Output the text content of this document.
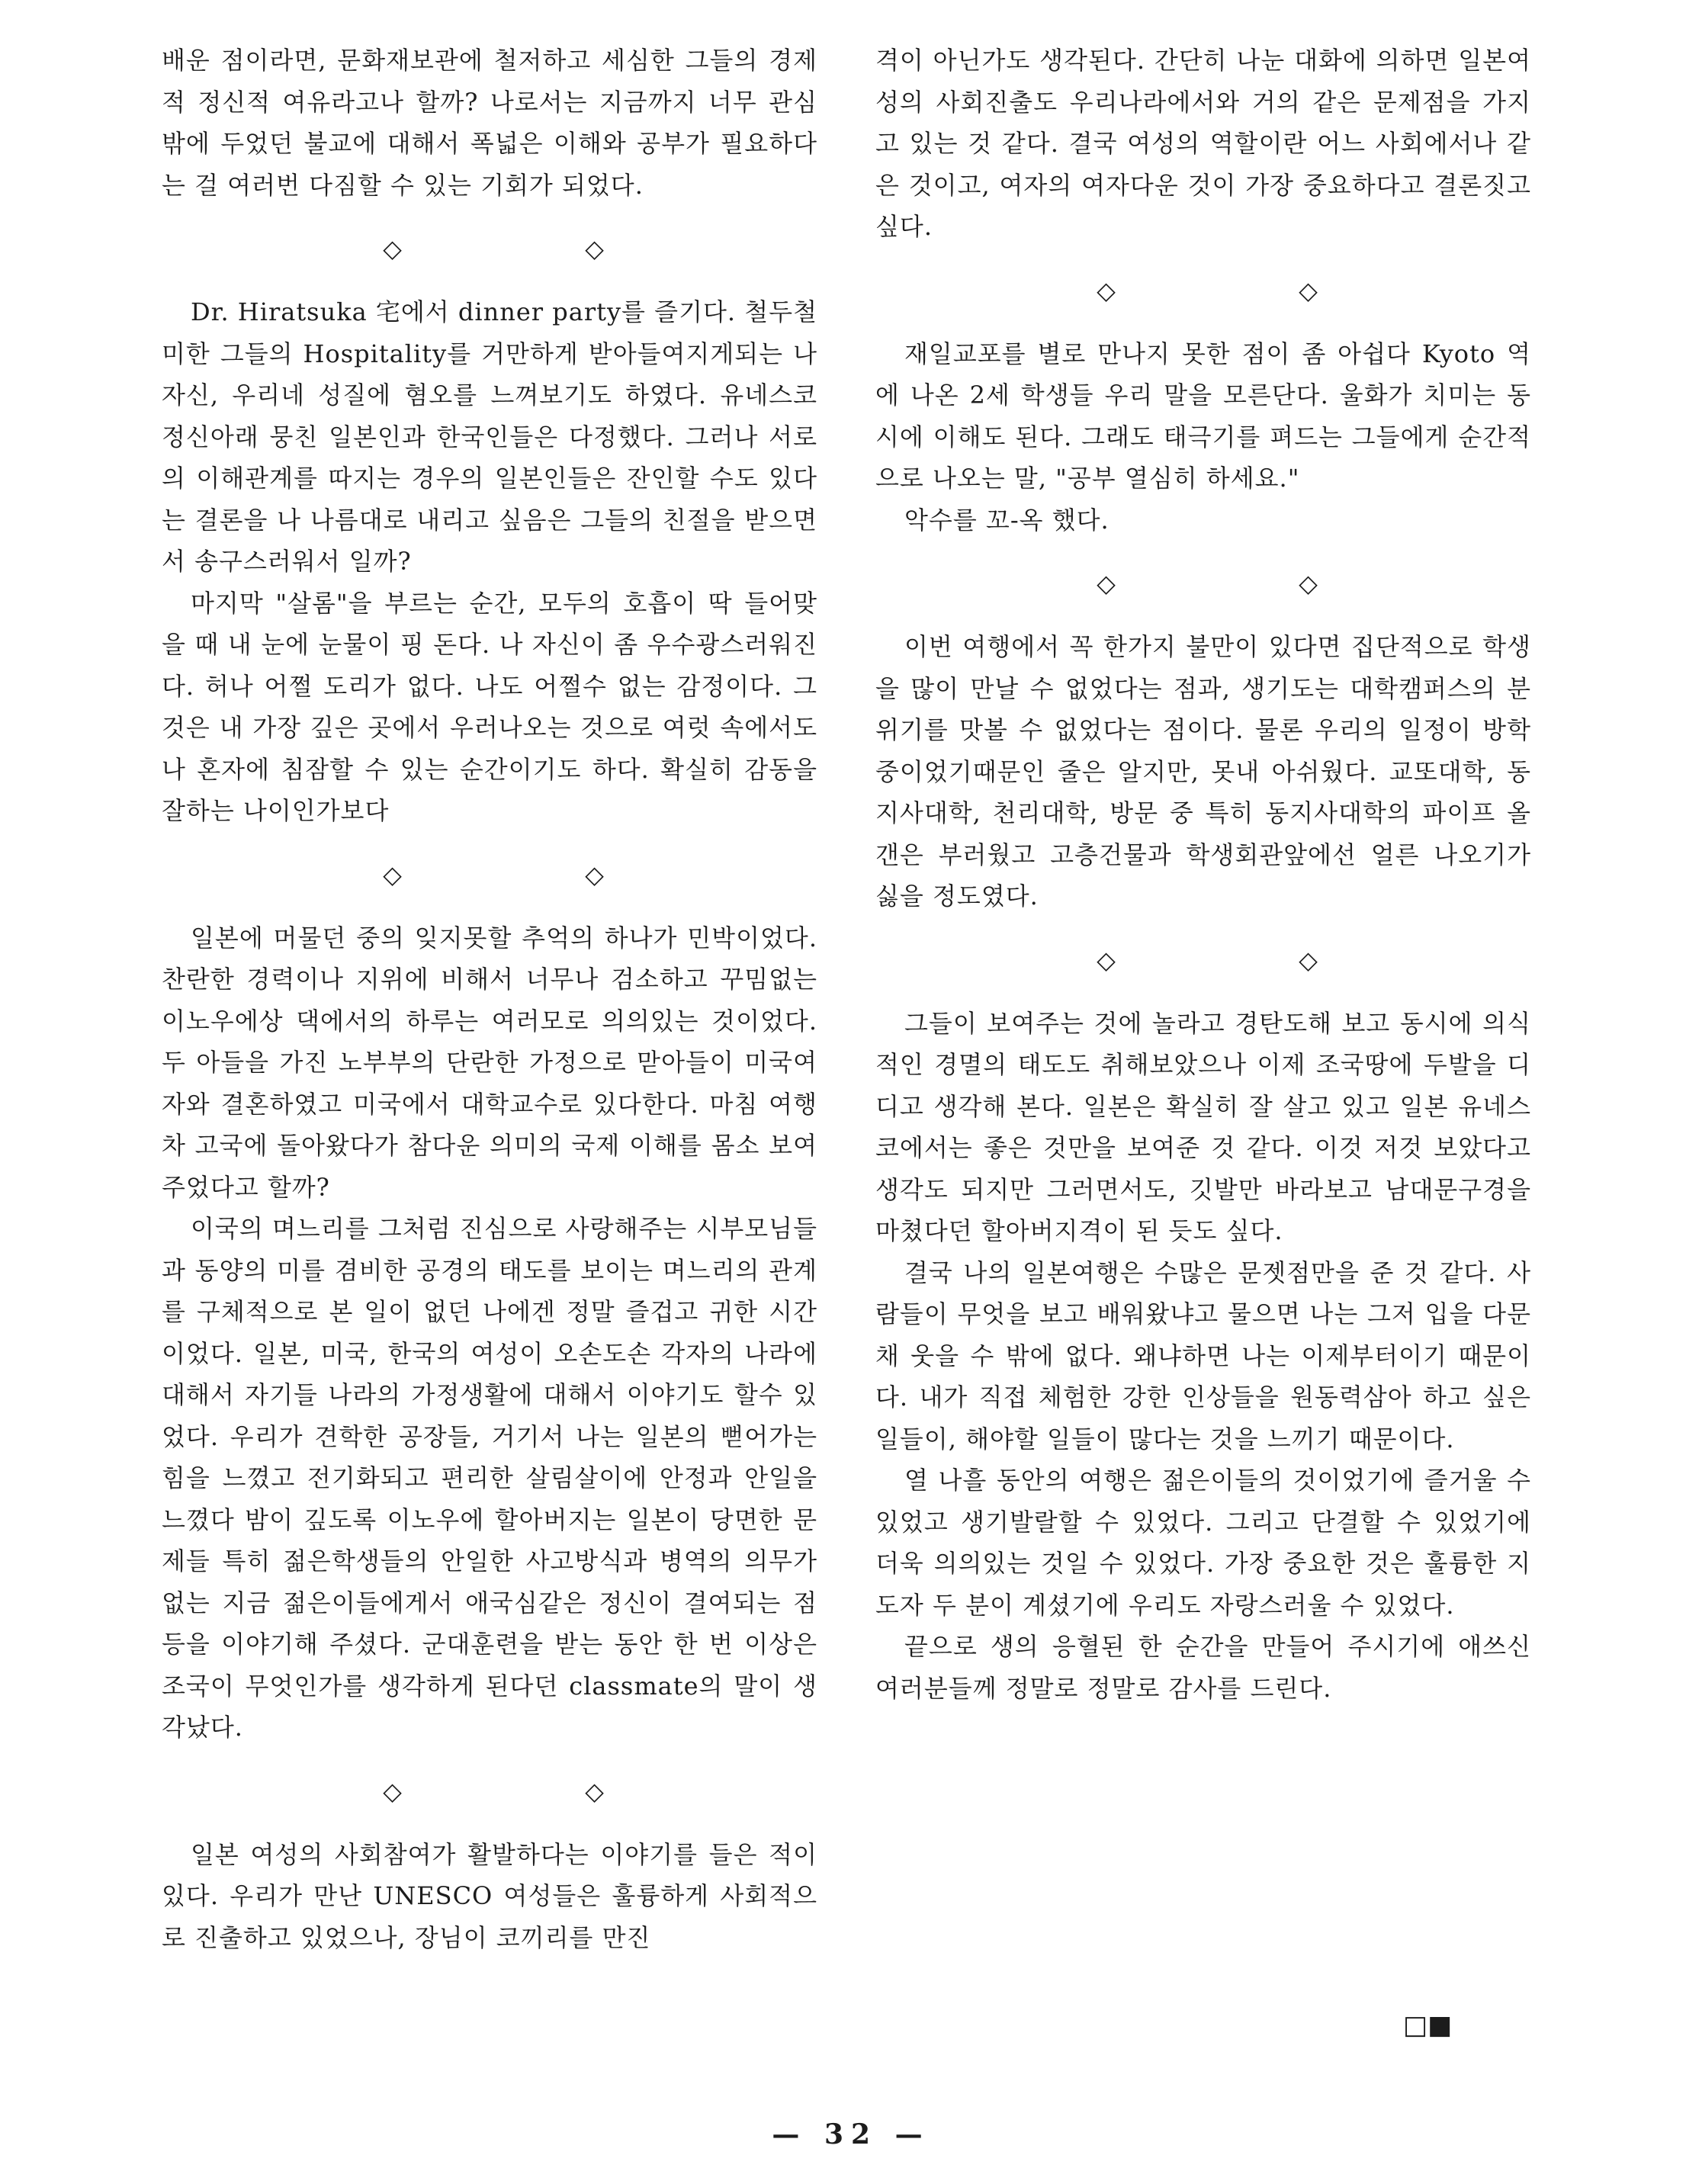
배운 점이라면, 문화재보관에 철저하고 세심한 그들의 경제적 정신적 여유라고나 할까? 나로서는 지금까지 너무 관심밖에 두었던 불교에 대해서 폭넓은 이해와 공부가 필요하다는 걸 여러번 다짐할 수 있는 기회가 되었다.

◇	◇

Dr. Hiratsuka 宅에서 dinner party를 즐기다. 철두철미한 그들의 Hospitality를 거만하게 받아들여지게되는 나 자신, 우리네 성질에 혐오를 느껴보기도 하였다. 유네스코 정신아래 뭉친 일본인과 한국인들은 다정했다. 그러나 서로의 이해관계를 따지는 경우의 일본인들은 잔인할 수도 있다는 결론을 나 나름대로 내리고 싶음은 그들의 친절을 받으면서 송구스러워서 일까?

마지막 "살롬"을 부르는 순간, 모두의 호흡이 딱 들어맞을 때 내 눈에 눈물이 핑 돈다. 나 자신이 좀 우수광스러워진다. 허나 어쩔 도리가 없다. 나도 어쩔수 없는 감정이다. 그것은 내 가장 깊은 곳에서 우러나오는 것으로 여럿 속에서도 나 혼자에 침잠할 수 있는 순간이기도 하다. 확실히 감동을 잘하는 나이인가보다

◇	◇

일본에 머물던 중의 잊지못할 추억의 하나가 민박이었다. 찬란한 경력이나 지위에 비해서 너무나 검소하고 꾸밈없는 이노우에상 댁에서의 하루는 여러모로 의의있는 것이었다. 두 아들을 가진 노부부의 단란한 가정으로 맏아들이 미국여자와 결혼하였고 미국에서 대학교수로 있다한다. 마침 여행차 고국에 돌아왔다가 참다운 의미의 국제 이해를 몸소 보여주었다고 할까?

이국의 며느리를 그처럼 진심으로 사랑해주는 시부모님들과 동양의 미를 겸비한 공경의 태도를 보이는 며느리의 관계를 구체적으로 본 일이 없던 나에겐 정말 즐겁고 귀한 시간이었다. 일본, 미국, 한국의 여성이 오손도손 각자의 나라에 대해서 자기들 나라의 가정생활에 대해서 이야기도 할수 있었다. 우리가 견학한 공장들, 거기서 나는 일본의 뻗어가는 힘을 느꼈고 전기화되고 편리한 살림살이에 안정과 안일을 느꼈다 밤이 깊도록 이노우에 할아버지는 일본이 당면한 문제들 특히 젊은학생들의 안일한 사고방식과 병역의 의무가 없는 지금 젊은이들에게서 애국심같은 정신이 결여되는 점등을 이야기해 주셨다. 군대훈련을 받는 동안 한 번 이상은 조국이 무엇인가를 생각하게 된다던 classmate의 말이 생각났다.

◇	◇

일본 여성의 사회참여가 활발하다는 이야기를 들은 적이 있다. 우리가 만난 UNESCO 여성들은 훌륭하게 사회적으로 진출하고 있었으나, 장님이 코끼리를 만진

격이 아닌가도 생각된다. 간단히 나눈 대화에 의하면 일본여성의 사회진출도 우리나라에서와 거의 같은 문제점을 가지고 있는 것 같다. 결국 여성의 역할이란 어느 사회에서나 같은 것이고, 여자의 여자다운 것이 가장 중요하다고 결론짓고 싶다.

◇	◇

재일교포를 별로 만나지 못한 점이 좀 아쉽다 Kyoto 역에 나온 2세 학생들 우리 말을 모른단다. 울화가 치미는 동시에 이해도 된다. 그래도 태극기를 펴드는 그들에게 순간적으로 나오는 말, "공부 열심히 하세요."

악수를 꼬-옥 했다.

◇	◇

이번 여행에서 꼭 한가지 불만이 있다면 집단적으로 학생을 많이 만날 수 없었다는 점과, 생기도는 대학캠퍼스의 분위기를 맛볼 수 없었다는 점이다. 물론 우리의 일정이 방학 중이었기때문인 줄은 알지만, 못내 아쉬웠다. 교또대학, 동지사대학, 천리대학, 방문 중 특히 동지사대학의 파이프 올갠은 부러웠고 고층건물과 학생회관앞에선 얼른 나오기가 싫을 정도였다.

◇	◇

그들이 보여주는 것에 놀라고 경탄도해 보고 동시에 의식적인 경멸의 태도도 취해보았으나 이제 조국땅에 두발을 디디고 생각해 본다. 일본은 확실히 잘 살고 있고 일본 유네스코에서는 좋은 것만을 보여준 것 같다. 이것 저것 보았다고 생각도 되지만 그러면서도, 깃발만 바라보고 남대문구경을 마쳤다던 할아버지격이 된 듯도 싶다.

결국 나의 일본여행은 수많은 문젯점만을 준 것 같다. 사람들이 무엇을 보고 배워왔냐고 물으면 나는 그저 입을 다문 채 웃을 수 밖에 없다. 왜냐하면 나는 이제부터이기 때문이다. 내가 직접 체험한 강한 인상들을 원동력삼아 하고 싶은 일들이, 해야할 일들이 많다는 것을 느끼기 때문이다.

열 나흘 동안의 여행은 젊은이들의 것이었기에 즐거울 수 있었고 생기발랄할 수 있었다. 그리고 단결할 수 있었기에 더욱 의의있는 것일 수 있었다. 가장 중요한 것은 훌륭한 지도자 두 분이 계셨기에 우리도 자랑스러울 수 있었다.

끝으로 생의 응혈된 한 순간을 만들어 주시기에 애쓰신 여러분들께 정말로 정말로 감사를 드린다.

□■
— 32 —
